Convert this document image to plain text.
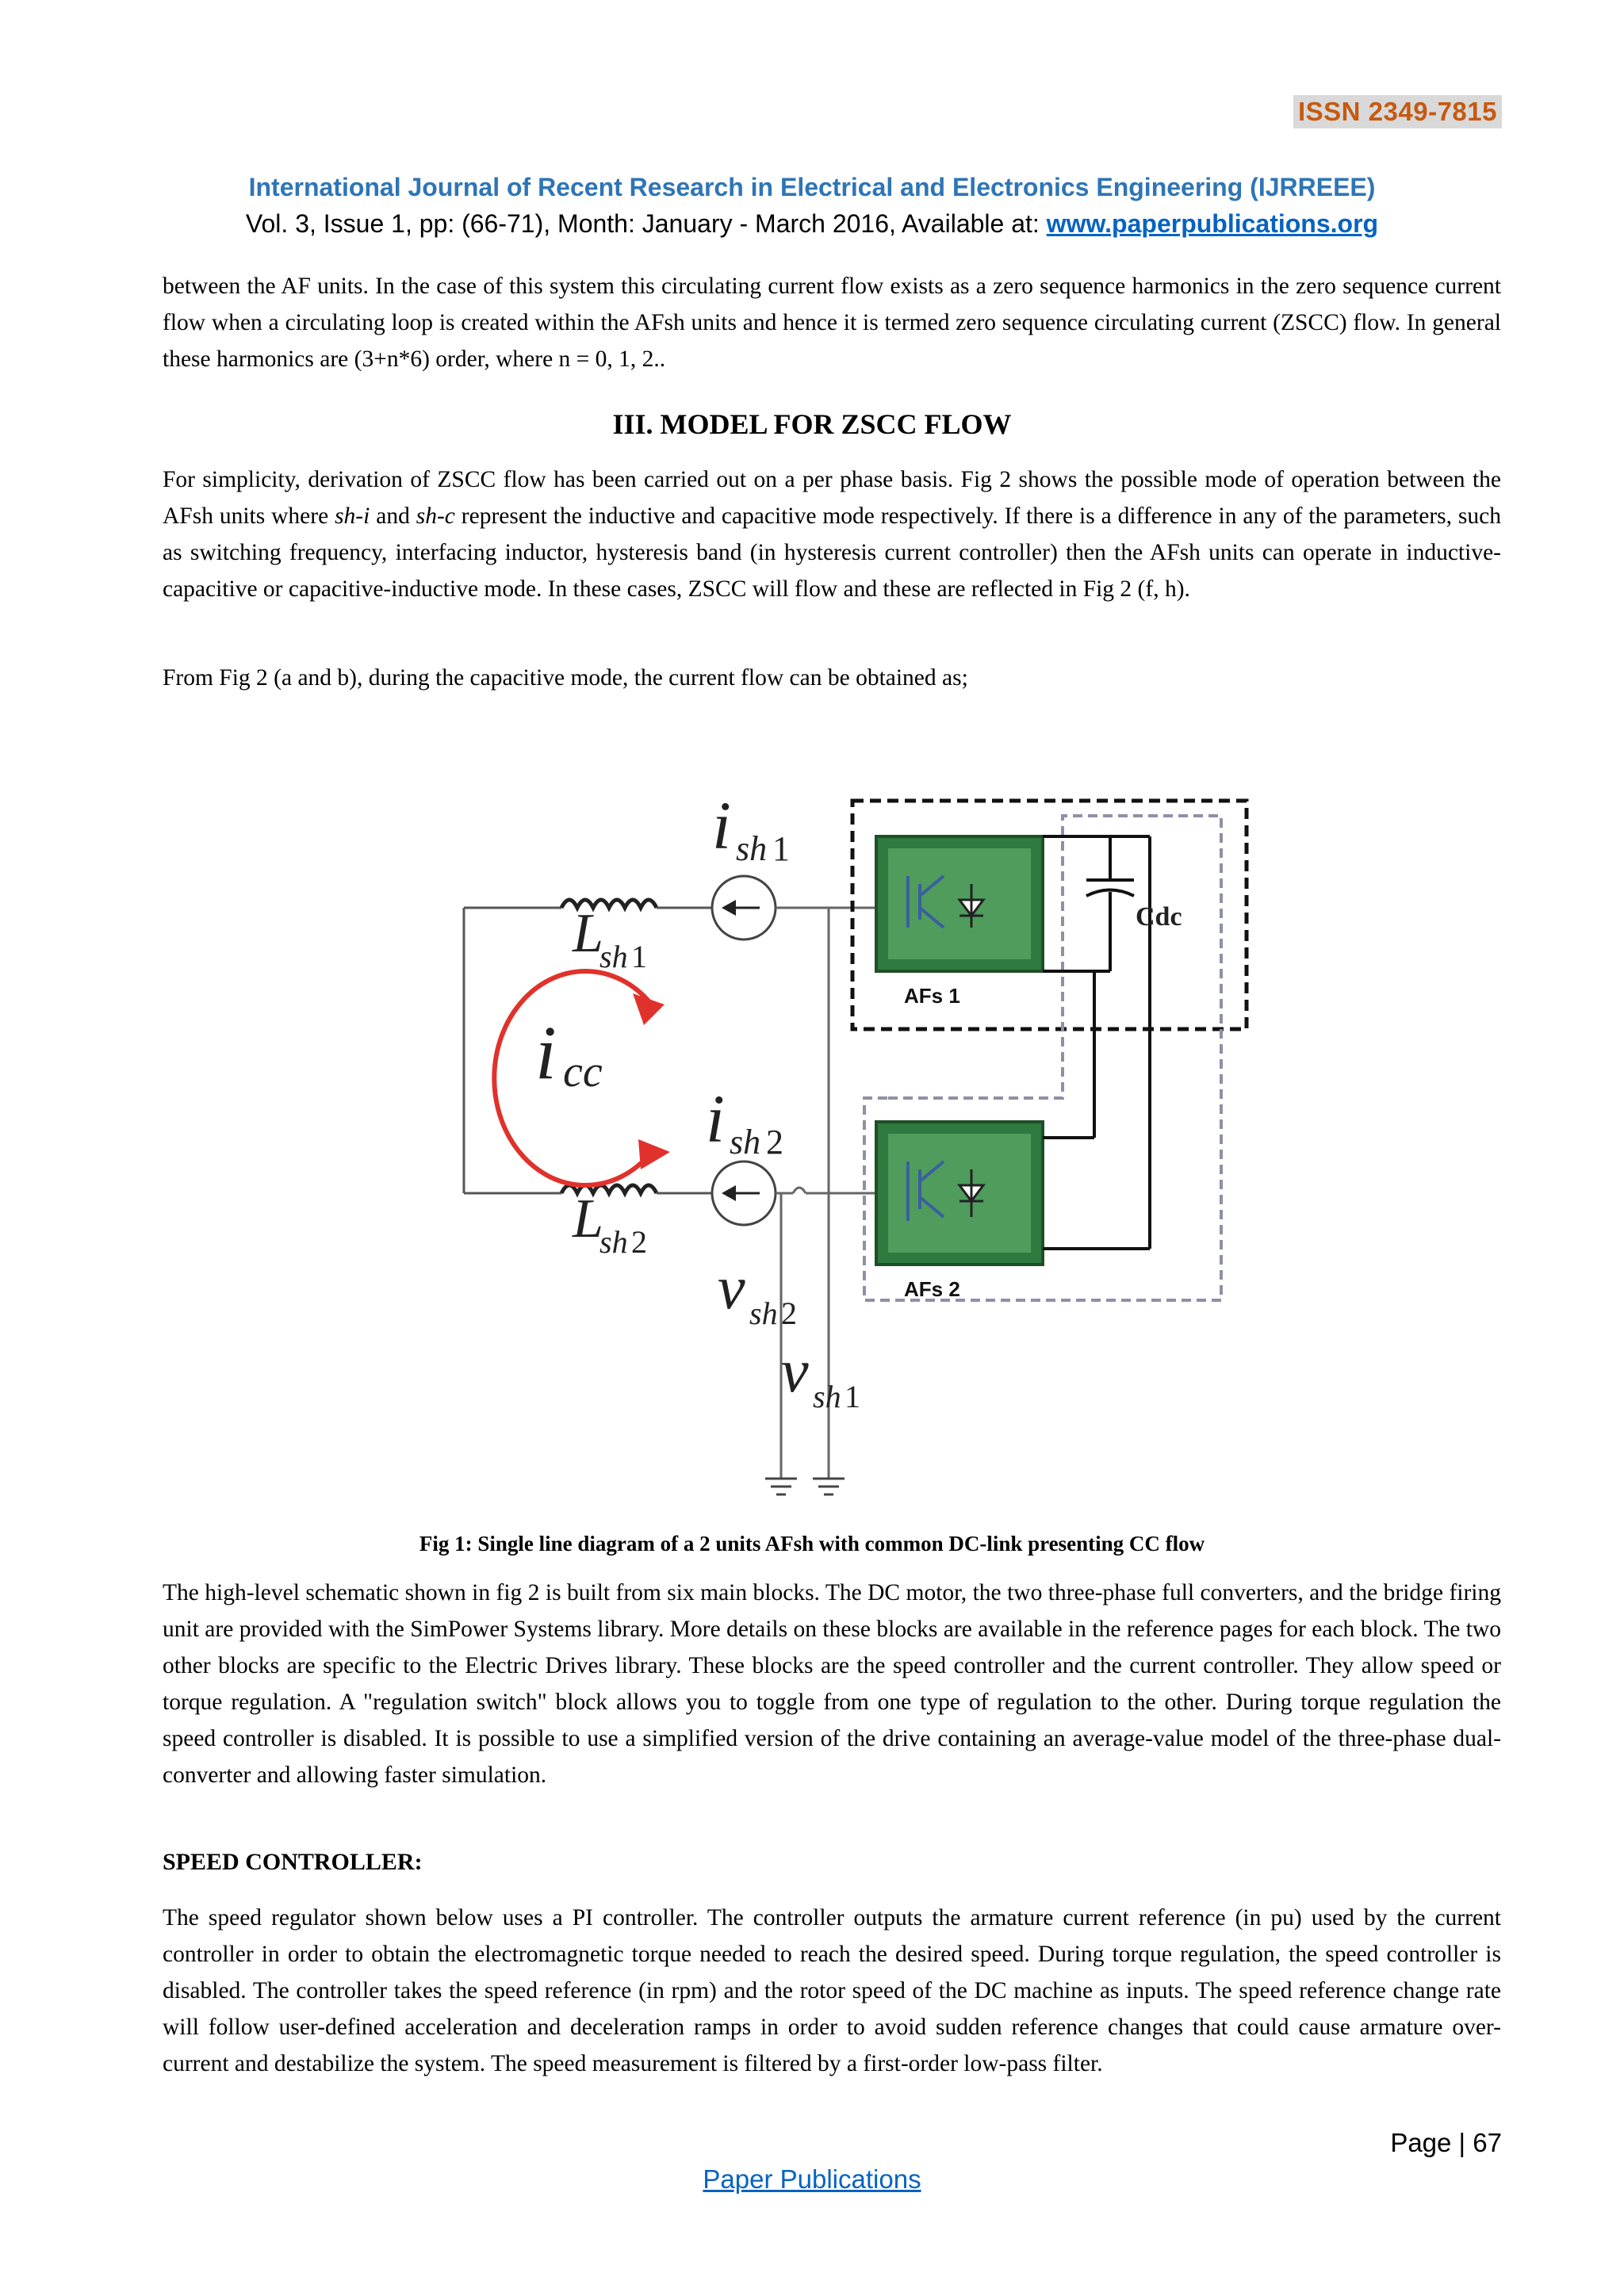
ISSN 2349-7815
International Journal of Recent Research in Electrical and Electronics Engineering (IJRREEE)
Vol. 3, Issue 1, pp: (66-71), Month: January - March 2016, Available at: www.paperpublications.org
between the AF units. In the case of this system this circulating current flow exists as a zero sequence harmonics in the zero sequence current flow when a circulating loop is created within the AFsh units and hence it is termed zero sequence circulating current (ZSCC) flow. In general these harmonics are (3+n*6) order, where n = 0, 1, 2..
III. MODEL FOR ZSCC FLOW
For simplicity, derivation of ZSCC flow has been carried out on a per phase basis. Fig 2 shows the possible mode of operation between the AFsh units where sh-i and sh-c represent the inductive and capacitive mode respectively. If there is a difference in any of the parameters, such as switching frequency, interfacing inductor, hysteresis band (in hysteresis current controller) then the AFsh units can operate in inductive-capacitive or capacitive-inductive mode. In these cases, ZSCC will flow and these are reflected in Fig 2 (f, h).
From Fig 2 (a and b), during the capacitive mode, the current flow can be obtained as;
AFs 1
AFs 2
Cdc
i sh 1
L
sh 1
i cc
i sh 2
L
sh 2
v sh 2
v sh 1
Fig 1: Single line diagram of a 2 units AFsh with common DC-link presenting CC flow
The high-level schematic shown in fig 2 is built from six main blocks. The DC motor, the two three-phase full converters, and the bridge firing unit are provided with the SimPower Systems library. More details on these blocks are available in the reference pages for each block. The two other blocks are specific to the Electric Drives library. These blocks are the speed controller and the current controller. They allow speed or torque regulation. A "regulation switch" block allows you to toggle from one type of regulation to the other. During torque regulation the speed controller is disabled. It is possible to use a simplified version of the drive containing an average-value model of the three-phase dual-converter and allowing faster simulation.
SPEED CONTROLLER:
The speed regulator shown below uses a PI controller. The controller outputs the armature current reference (in pu) used by the current controller in order to obtain the electromagnetic torque needed to reach the desired speed. During torque regulation, the speed controller is disabled. The controller takes the speed reference (in rpm) and the rotor speed of the DC machine as inputs. The speed reference change rate will follow user-defined acceleration and deceleration ramps in order to avoid sudden reference changes that could cause armature over-current and destabilize the system. The speed measurement is filtered by a first-order low-pass filter.
Page | 67
Paper Publications
